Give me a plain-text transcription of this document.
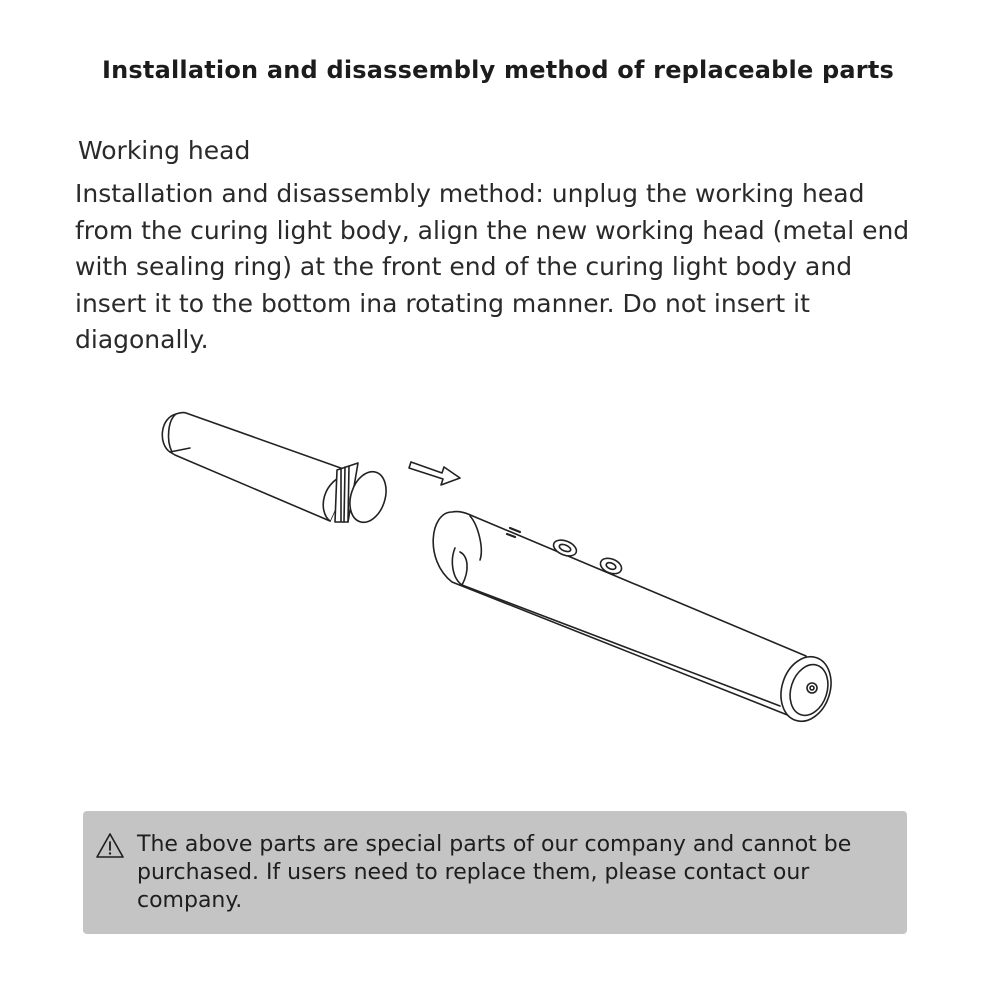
Installation and disassembly method of replaceable parts
Working head

Installation and disassembly method: unplug the working head from the curing light body, align the new working head (metal end with sealing ring) at the front end of the curing light body and insert it to the bottom ina rotating manner. Do not insert it diagonally.

The above parts are special parts of our company and cannot be purchased. If users need to replace them, please contact our company.
